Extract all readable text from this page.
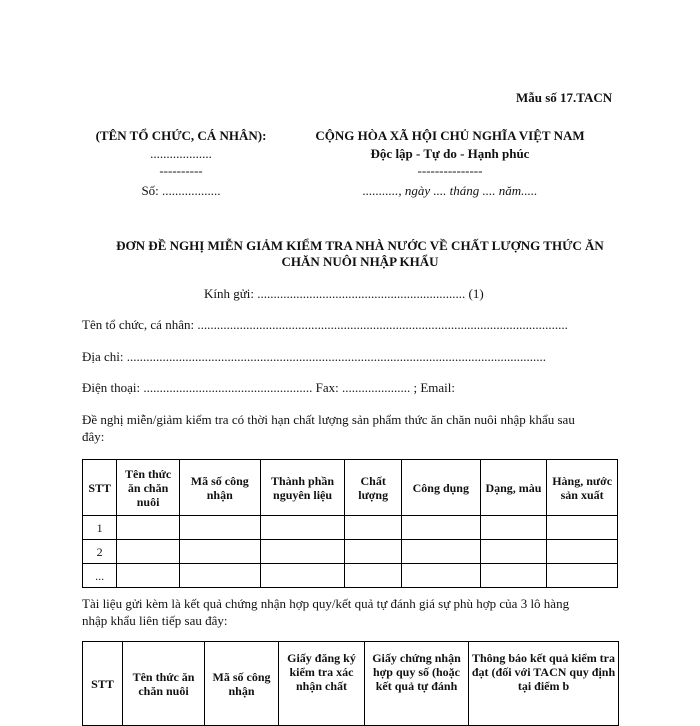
Mẫu số 17.TACN
(TÊN TỔ CHỨC, CÁ NHÂN):
...................
----------
Số: ..................
CỘNG HÒA XÃ HỘI CHỦ NGHĨA VIỆT NAM
Độc lập - Tự do - Hạnh phúc
---------------
..........., ngày .... tháng .... năm.....
ĐƠN ĐỀ NGHỊ MIỄN GIẢM KIỂM TRA NHÀ NƯỚC VỀ CHẤT LƯỢNG THỨC ĂN
CHĂN NUÔI NHẬP KHẨU
Kính gửi: ................................................................ (1)
Tên tổ chức, cá nhân: ..................................................................................................................
Địa chỉ: .................................................................................................................................
Điện thoại: .................................................... Fax: ..................... ; Email:
Đề nghị miễn/giảm kiểm tra có thời hạn chất lượng sản phẩm thức ăn chăn nuôi nhập khẩu sau
đây:
STT	Tên thức ăn chăn nuôi	Mã số công nhận	Thành phần nguyên liệu	Chất lượng	Công dụng	Dạng, màu	Hàng, nước sản xuất
1							
2							
...							
Tài liệu gửi kèm là kết quả chứng nhận hợp quy/kết quả tự đánh giá sự phù hợp của 3 lô hàng
nhập khẩu liên tiếp sau đây:
STT	Tên thức ăn chăn nuôi	Mã số công nhận	Giấy đăng ký kiểm tra xác nhận chất	Giấy chứng nhận hợp quy số (hoặc kết quả tự đánh	Thông báo kết quả kiểm tra đạt (đối với TACN quy định tại điểm b
